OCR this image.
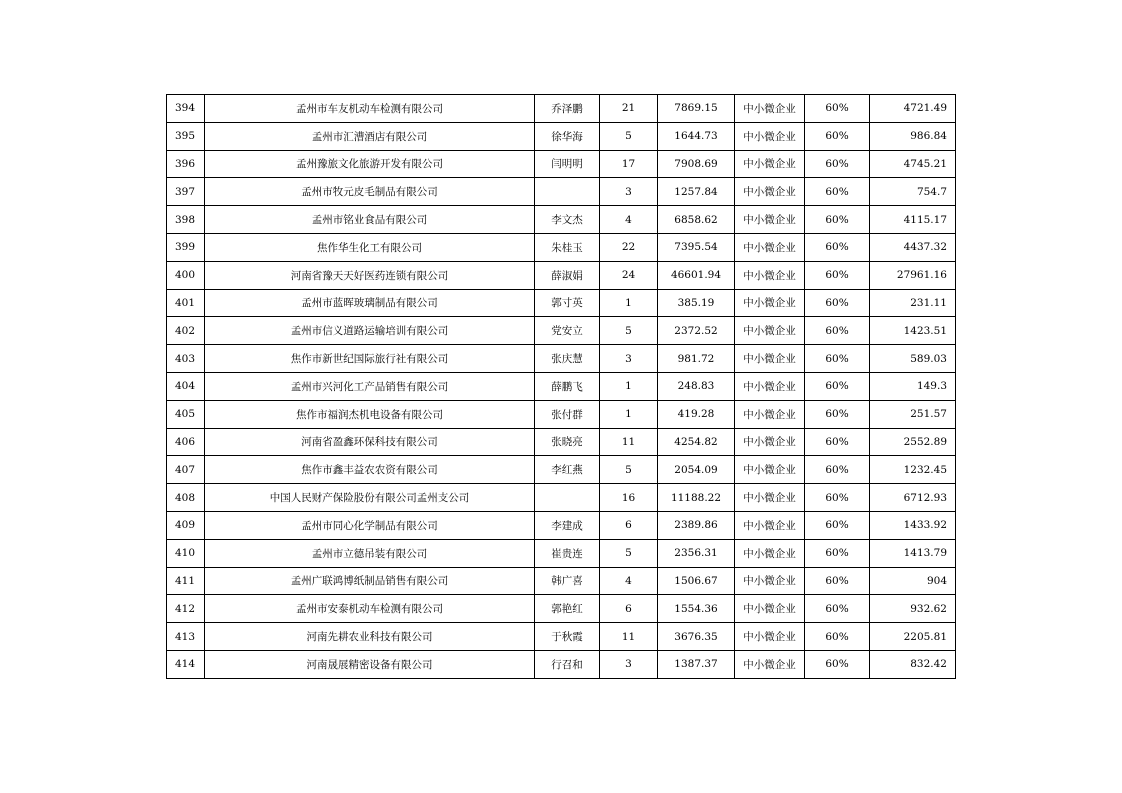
394	孟州市车友机动车检测有限公司	乔泽鹏	21	7869.15	中小微企业	60%	4721.49
395	孟州市汇漕酒店有限公司	徐华海	5	1644.73	中小微企业	60%	986.84
396	孟州豫旅文化旅游开发有限公司	闫明明	17	7908.69	中小微企业	60%	4745.21
397	孟州市牧元皮毛制品有限公司		3	1257.84	中小微企业	60%	754.7
398	孟州市铭业食品有限公司	李文杰	4	6858.62	中小微企业	60%	4115.17
399	焦作华生化工有限公司	朱桂玉	22	7395.54	中小微企业	60%	4437.32
400	河南省豫天天好医药连锁有限公司	薛淑娟	24	46601.94	中小微企业	60%	27961.16
401	孟州市蓝晖玻璃制品有限公司	郭寸英	1	385.19	中小微企业	60%	231.11
402	孟州市信义道路运输培训有限公司	党安立	5	2372.52	中小微企业	60%	1423.51
403	焦作市新世纪国际旅行社有限公司	张庆慧	3	981.72	中小微企业	60%	589.03
404	孟州市兴河化工产品销售有限公司	薛鹏飞	1	248.83	中小微企业	60%	149.3
405	焦作市福润杰机电设备有限公司	张付群	1	419.28	中小微企业	60%	251.57
406	河南省盈鑫环保科技有限公司	张晓亮	11	4254.82	中小微企业	60%	2552.89
407	焦作市鑫丰益农农资有限公司	李红燕	5	2054.09	中小微企业	60%	1232.45
408	中国人民财产保险股份有限公司孟州支公司		16	11188.22	中小微企业	60%	6712.93
409	孟州市同心化学制品有限公司	李建成	6	2389.86	中小微企业	60%	1433.92
410	孟州市立德吊装有限公司	崔贵连	5	2356.31	中小微企业	60%	1413.79
411	孟州广联鸿博纸制品销售有限公司	韩广喜	4	1506.67	中小微企业	60%	904
412	孟州市安泰机动车检测有限公司	郭艳红	6	1554.36	中小微企业	60%	932.62
413	河南先耕农业科技有限公司	于秋霞	11	3676.35	中小微企业	60%	2205.81
414	河南晟展精密设备有限公司	行召和	3	1387.37	中小微企业	60%	832.42
